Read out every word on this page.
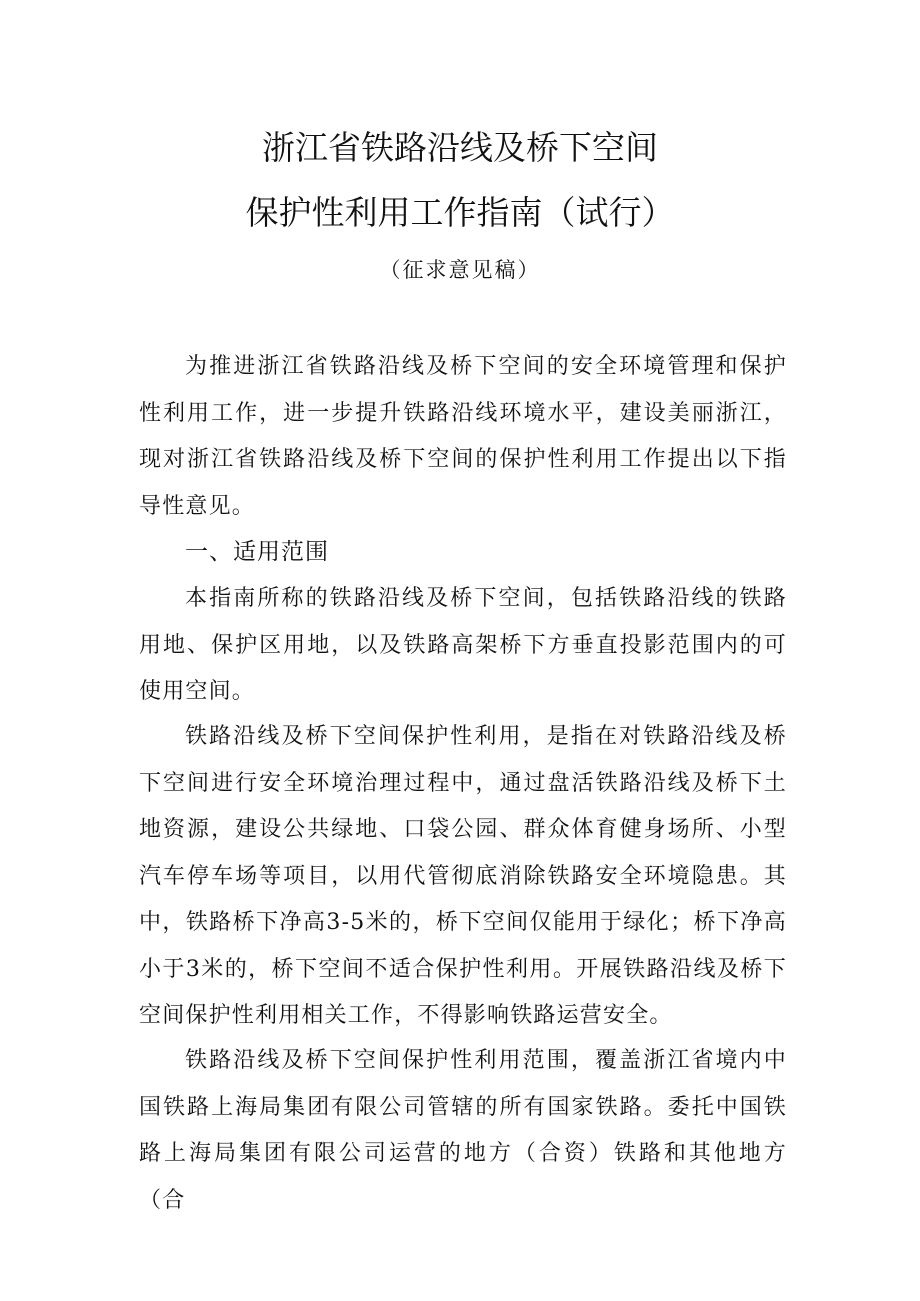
浙江省铁路沿线及桥下空间
保护性利用工作指南（试行）
（征求意见稿）

为推进浙江省铁路沿线及桥下空间的安全环境管理和保护性利用工作，进一步提升铁路沿线环境水平，建设美丽浙江，现对浙江省铁路沿线及桥下空间的保护性利用工作提出以下指导性意见。

一、适用范围

本指南所称的铁路沿线及桥下空间，包括铁路沿线的铁路用地、保护区用地，以及铁路高架桥下方垂直投影范围内的可使用空间。

铁路沿线及桥下空间保护性利用，是指在对铁路沿线及桥下空间进行安全环境治理过程中，通过盘活铁路沿线及桥下土地资源，建设公共绿地、口袋公园、群众体育健身场所、小型汽车停车场等项目，以用代管彻底消除铁路安全环境隐患。其中，铁路桥下净高3-5米的，桥下空间仅能用于绿化；桥下净高小于3米的，桥下空间不适合保护性利用。开展铁路沿线及桥下空间保护性利用相关工作，不得影响铁路运营安全。

铁路沿线及桥下空间保护性利用范围，覆盖浙江省境内中国铁路上海局集团有限公司管辖的所有国家铁路。委托中国铁路上海局集团有限公司运营的地方（合资）铁路和其他地方（合
